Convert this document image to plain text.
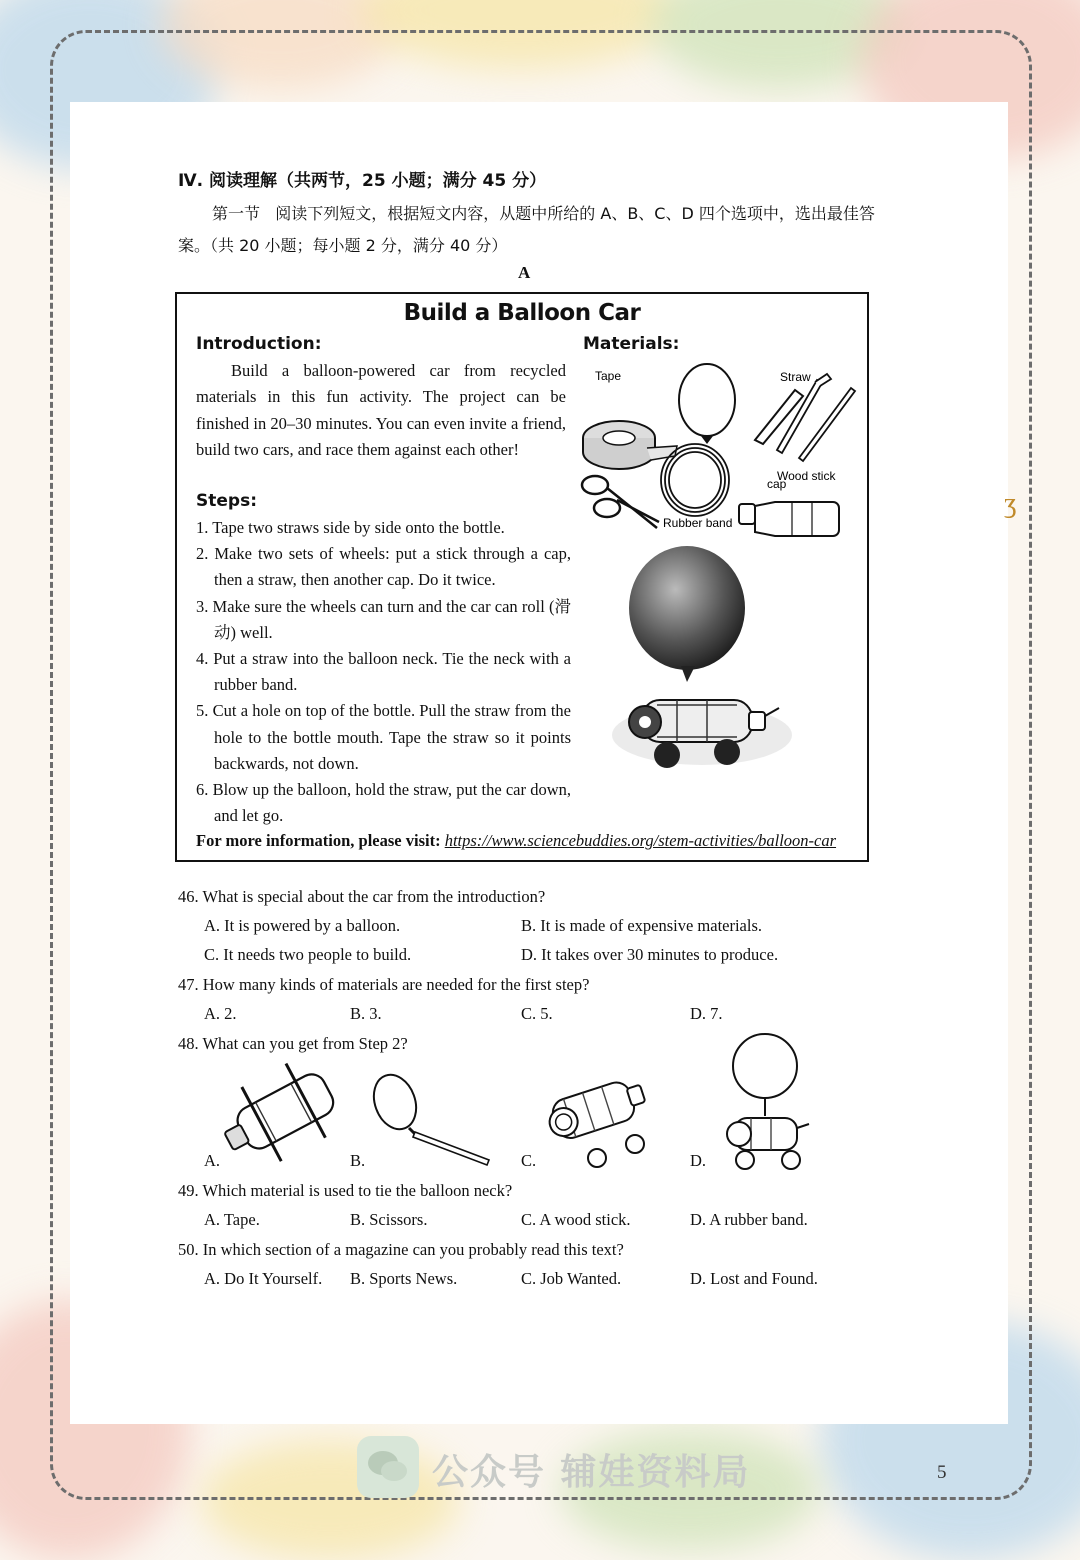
ʒ
Ⅳ. 阅读理解（共两节，25 小题；满分 45 分）
第一节 阅读下列短文，根据短文内容，从题中所给的 A、B、C、D 四个选项中，选出最佳答案。（共 20 小题；每小题 2 分，满分 40 分）
A
Build a Balloon Car
Introduction:	Materials:
Build a balloon-powered car from recycled materials in this fun activity. The project can be finished in 20–30 minutes. You can even invite a friend, build two cars, and race them against each other!
Steps:
1. Tape two straws side by side onto the bottle.
2. Make two sets of wheels: put a stick through a cap, then a straw, then another cap. Do it twice.
3. Make sure the wheels can turn and the car can roll (滑动) well.
4. Put a straw into the balloon neck. Tie the neck with a rubber band.
5. Cut a hole on top of the bottle. Pull the straw from the hole to the bottle mouth. Tape the straw so it points backwards, not down.
6. Blow up the balloon, hold the straw, put the car down, and let go.
For more information, please visit: https://www.sciencebuddies.org/stem-activities/balloon-car
Tape	Straw
Wood stick
Rubber band
cap
46. What is special about the car from the introduction?
A. It is powered by a balloon.	B. It is made of expensive materials.
C. It needs two people to build.	D. It takes over 30 minutes to produce.
47. How many kinds of materials are needed for the first step?
A. 2.	B. 3.	C. 5.	D. 7.
48. What can you get from Step 2?
A.	B.	C.	D.
49. Which material is used to tie the balloon neck?
A. Tape.	B. Scissors.	C. A wood stick.	D. A rubber band.
50. In which section of a magazine can you probably read this text?
A. Do It Yourself. B. Sports News.	C. Job Wanted.	D. Lost and Found.
公众号 辅娃资料局	5
